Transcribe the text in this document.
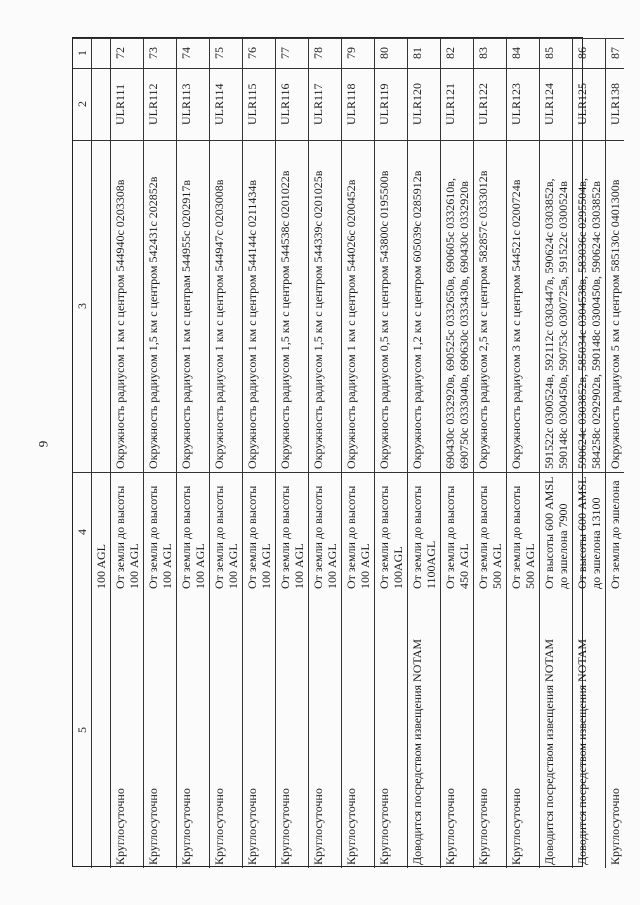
9
1
2
3
4
5
100 AGL
72
ULR111
Окружность радиусом 1 км с центром 544940с 0203308в
От земли до высоты 100 AGL
Круглосуточно
73
ULR112
Окружность радиусом 1,5 км с центром 542431с 202852в
От земли до высоты 100 AGL
Круглосуточно
74
ULR113
Окружность радиусом 1 км с центрам 544955с 0202917в
От земли до высоты 100 AGL
Круглосуточно
75
ULR114
Окружность радиусом 1 км с центром 544947с 0203008в
От земли до высоты 100 AGL
Круглосуточно
76
ULR115
Окружность радиусом 1 км с центром 544144с 0211434в
От земли до высоты 100 AGL
Круглосуточно
77
ULR116
Окружность радиусом 1,5 км с центром 544538с 0201022в
От земли до высоты 100 AGL
Круглосуточно
78
ULR117
Окружность радиусом 1,5 км с центром 544339с 0201025в
От земли до высоты 100 AGL
Круглосуточно
79
ULR118
Окружность радиусом 1 км с центром 544026с 0200452в
От земли до высоты 100 AGL
Круглосуточно
80
ULR119
Окружность радиусом 0,5 км с центром 543800с 0195500в
От земли до высоты 100AGL
Круглосуточно
81
ULR120
Окружность радиусом 1,2 км с центром 605039с 0285912в
От земли до высоты 1100AGL
Доводится посредством извещения NOTAM
82
ULR121
690430с 0332920в, 690525с 0332650в, 690605с 0332610в, 690750с 0333040в, 690630с 0333430в, 690430с 0332920в
От земли до высоты 450 AGL
Круглосуточно
83
ULR122
Окружность радиусом 2,5 км с центром 582857с 0333012в
От земли до высоты 500 AGL
Круглосуточно
84
ULR123
Окружность радиусом 3 км с центром 544521с 0200724в
От земли до высоты 500 AGL
Круглосуточно
85
ULR124
591522с 0300524в, 592112с 0303447в, 590624с 0303852в, 590148с 0300450в, 590753с 0300725в, 591522с 0300524в
От высоты 600 AMSL до эшелона 7900
Доводится посредством извещения NOTAM
86
ULR125
590624с 0303852в, 585034с 0304538в, 583036с 0295504в, 584258с 0292902в, 590148с 0300450в, 590624с 0303852в
От высоты 600 AMSL до эшелона 13100
Доводится посредством извещения NOTAM
87
ULR138
Окружность радиусом 5 км с центром 585130с 0401300в
От земли до эшелона
Круглосуточно
